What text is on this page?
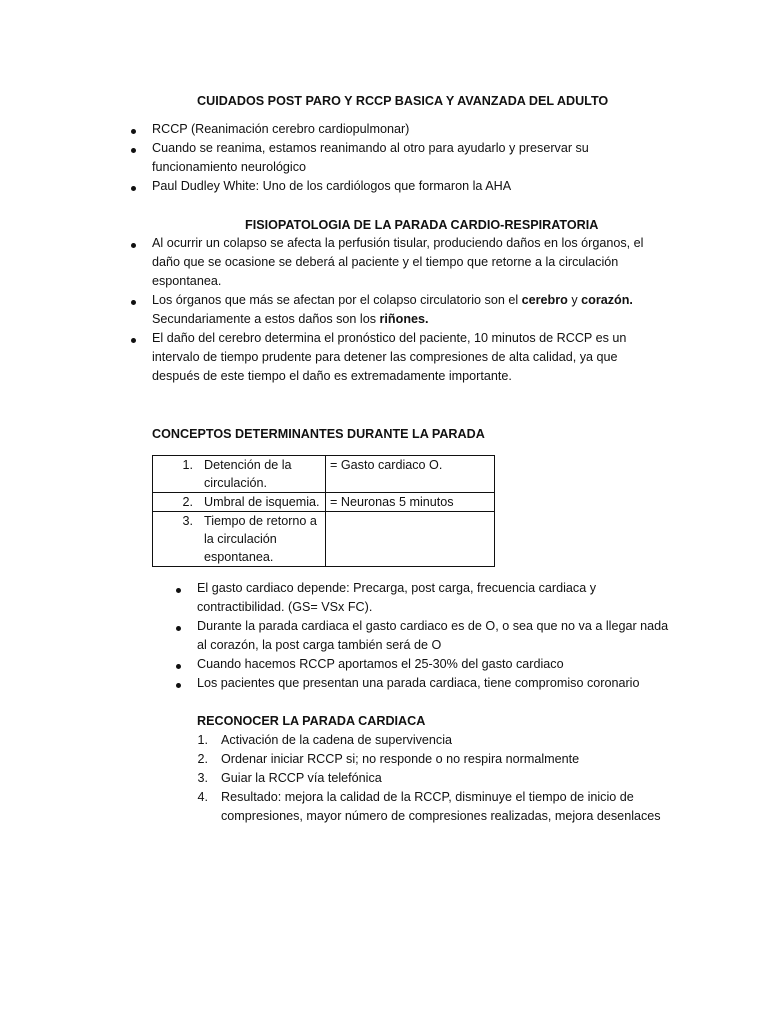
CUIDADOS POST PARO Y RCCP BASICA Y AVANZADA DEL ADULTO
RCCP (Reanimación cerebro cardiopulmonar)
Cuando se reanima, estamos reanimando al otro para ayudarlo y preservar su
funcionamiento neurológico
Paul Dudley White: Uno de los cardiólogos que formaron la AHA
FISIOPATOLOGIA DE LA PARADA CARDIO-RESPIRATORIA
Al ocurrir un colapso se afecta la perfusión tisular, produciendo daños en los órganos, el
daño que se ocasione se deberá al paciente y el tiempo que retorne a la circulación
espontanea.
Los órganos que más se afectan por el colapso circulatorio son el cerebro y corazón.
Secundariamente a estos daños son los riñones.
El daño del cerebro determina el pronóstico del paciente, 10 minutos de RCCP es un
intervalo de tiempo prudente para detener las compresiones de alta calidad, ya que
después de este tiempo el daño es extremadamente importante.
CONCEPTOS DETERMINANTES DURANTE LA PARADA
1. Detención de la
circulación.	= Gasto cardiaco O.

2. Umbral de isquemia.	= Neuronas 5 minutos

3. Tiempo de retorno a
la circulación
espontanea.	

El gasto cardiaco depende: Precarga, post carga, frecuencia cardiaca y
contractibilidad. (GS= VSx FC).
Durante la parada cardiaca el gasto cardiaco es de O, o sea que no va a llegar nada
al corazón, la post carga también será de O
Cuando hacemos RCCP aportamos el 25-30% del gasto cardiaco
Los pacientes que presentan una parada cardiaca, tiene compromiso coronario
RECONOCER LA PARADA CARDIACA
1. Activación de la cadena de supervivencia
2. Ordenar iniciar RCCP si; no responde o no respira normalmente
3. Guiar la RCCP vía telefónica
4. Resultado: mejora la calidad de la RCCP, disminuye el tiempo de inicio de
compresiones, mayor número de compresiones realizadas, mejora desenlaces
